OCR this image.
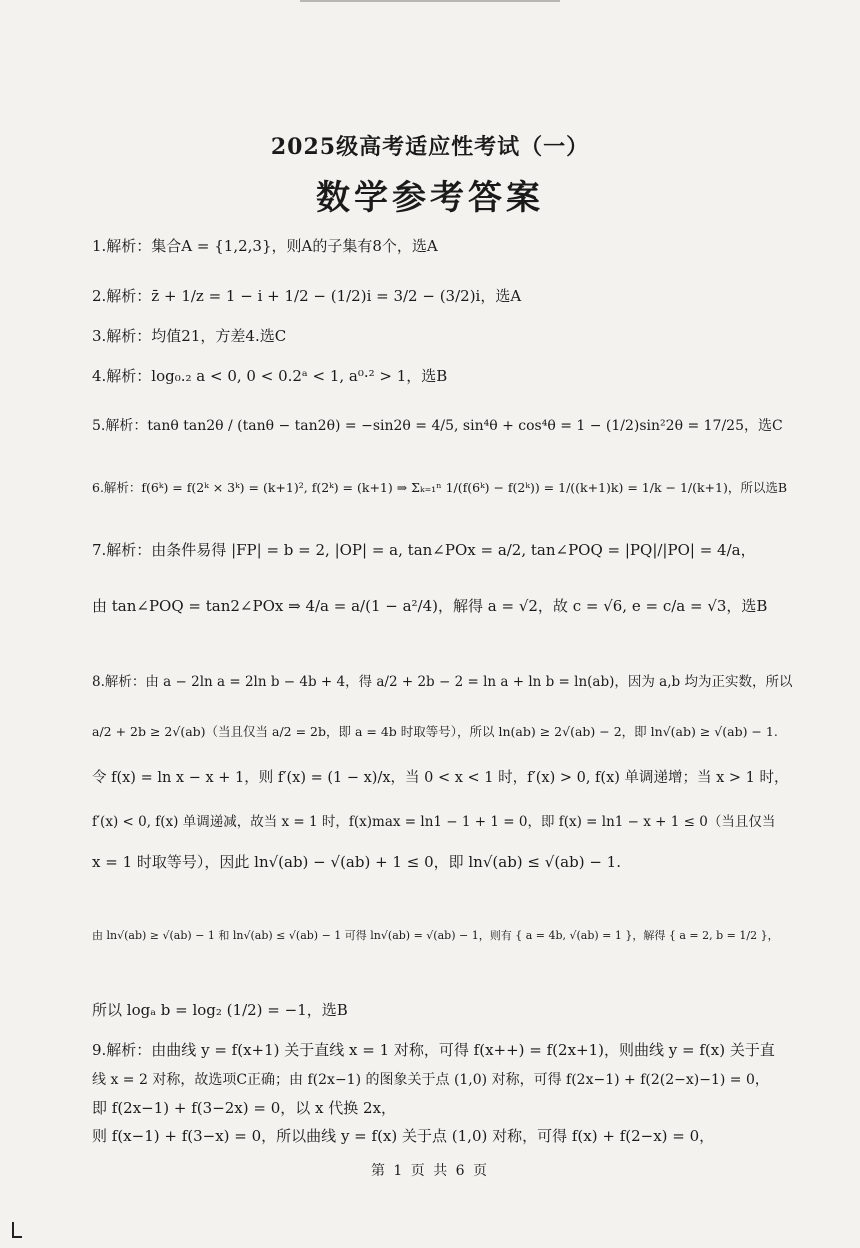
2025级高考适应性考试（一）
数学参考答案
1.解析：集合A = {1,2,3}，则A的子集有8个，选A
2.解析：z̄ + 1/z = 1 − i + 1/2 − (1/2)i = 3/2 − (3/2)i，选A
3.解析：均值21，方差4.选C
4.解析：log₀.₂ a < 0, 0 < 0.2ᵃ < 1, a⁰·² > 1，选B
5.解析：tanθ tan2θ / (tanθ − tan2θ) = −sin2θ = 4/5, sin⁴θ + cos⁴θ = 1 − (1/2)sin²2θ = 17/25，选C
6.解析：f(6ᵏ) = f(2ᵏ × 3ᵏ) = (k+1)², f(2ᵏ) = (k+1) ⇒ Σₖ₌₁ⁿ 1/(f(6ᵏ) − f(2ᵏ)) = 1/((k+1)k) = 1/k − 1/(k+1)，所以选B
7.解析：由条件易得 |FP| = b = 2, |OP| = a, tan∠POx = a/2, tan∠POQ = |PQ|/|PO| = 4/a，
由 tan∠POQ = tan2∠POx ⇒ 4/a = a/(1 − a²/4)，解得 a = √2，故 c = √6, e = c/a = √3，选B
8.解析：由 a − 2ln a = 2ln b − 4b + 4，得 a/2 + 2b − 2 = ln a + ln b = ln(ab)，因为 a,b 均为正实数，所以
a/2 + 2b ≥ 2√(ab)（当且仅当 a/2 = 2b，即 a = 4b 时取等号），所以 ln(ab) ≥ 2√(ab) − 2，即 ln√(ab) ≥ √(ab) − 1.
令 f(x) = ln x − x + 1，则 f′(x) = (1 − x)/x，当 0 < x < 1 时，f′(x) > 0, f(x) 单调递增；当 x > 1 时，
f′(x) < 0, f(x) 单调递减，故当 x = 1 时，f(x)max = ln1 − 1 + 1 = 0，即 f(x) = ln1 − x + 1 ≤ 0（当且仅当
x = 1 时取等号），因此 ln√(ab) − √(ab) + 1 ≤ 0，即 ln√(ab) ≤ √(ab) − 1.
由 ln√(ab) ≥ √(ab) − 1 和 ln√(ab) ≤ √(ab) − 1 可得 ln√(ab) = √(ab) − 1，则有 { a = 4b, √(ab) = 1 }，解得 { a = 2, b = 1/2 }，
所以 logₐ b = log₂ (1/2) = −1，选B
9.解析：由曲线 y = f(x+1) 关于直线 x = 1 对称，可得 f(x++) = f(2x+1)，则曲线 y = f(x) 关于直
线 x = 2 对称，故选项C正确；由 f(2x−1) 的图象关于点 (1,0) 对称，可得 f(2x−1) + f(2(2−x)−1) = 0，
即 f(2x−1) + f(3−2x) = 0，以 x 代换 2x，
则 f(x−1) + f(3−x) = 0，所以曲线 y = f(x) 关于点 (1,0) 对称，可得 f(x) + f(2−x) = 0，
第 1 页 共 6 页
